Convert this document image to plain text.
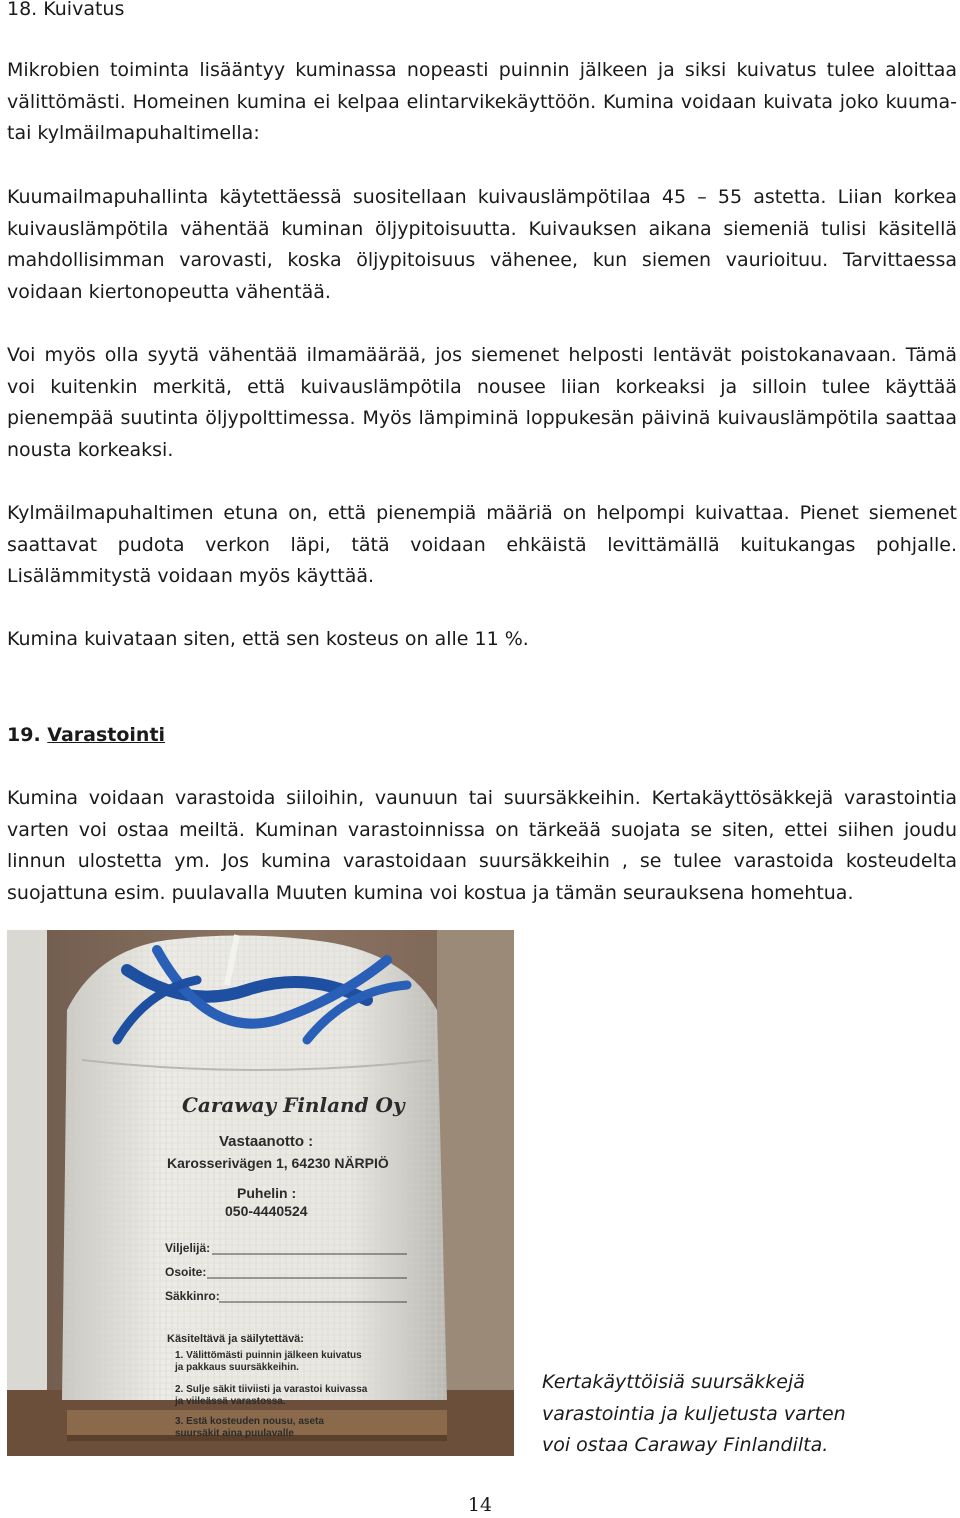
18. Kuivatus

Mikrobien toiminta lisääntyy kuminassa nopeasti puinnin jälkeen ja siksi kuivatus tulee aloittaa välittömästi. Homeinen kumina ei kelpaa elintarvikekäyttöön. Kumina voidaan kuivata joko kuuma- tai kylmäilmapuhaltimella:

Kuumailmapuhallinta käytettäessä suositellaan kuivauslämpötilaa 45 – 55 astetta. Liian korkea kuivauslämpötila vähentää kuminan öljypitoisuutta. Kuivauksen aikana siemeniä tulisi käsitellä mahdollisimman varovasti, koska öljypitoisuus vähenee, kun siemen vaurioituu. Tarvittaessa voidaan kiertonopeutta vähentää.

Voi myös olla syytä vähentää ilmamäärää, jos siemenet helposti lentävät poistokanavaan. Tämä voi kuitenkin merkitä, että kuivauslämpötila nousee liian korkeaksi ja silloin tulee käyttää pienempää suutinta öljypolttimessa. Myös lämpiminä loppukesän päivinä kuivauslämpötila saattaa nousta korkeaksi.

Kylmäilmapuhaltimen etuna on, että pienempiä määriä on helpompi kuivattaa. Pienet siemenet saattavat pudota verkon läpi, tätä voidaan ehkäistä levittämällä kuitukangas pohjalle. Lisälämmitystä voidaan myös käyttää.

Kumina kuivataan siten, että sen kosteus on alle 11 %.

19. Varastointi

Kumina voidaan varastoida siiloihin, vaunuun tai suursäkkeihin. Kertakäyttösäkkejä varastointia varten voi ostaa meiltä. Kuminan varastoinnissa on tärkeää suojata se siten, ettei siihen joudu linnun ulostetta ym. Jos kumina varastoidaan suursäkkeihin , se tulee varastoida kosteudelta suojattuna esim. puulavalla Muuten kumina voi kostua ja tämän seurauksena homehtua.

Caraway Finland Oy
Vastaanotto :
Karosserivägen 1, 64230 NÄRPIÖ
Puhelin :
050-4440524
Viljelijä:
Osoite:
Säkkinro:
Käsiteltävä ja säilytettävä:
1. Välittömästi puinnin jälkeen kuivatus
ja pakkaus suursäkkeihin.
2. Sulje säkit tiiviisti ja varastoi kuivassa
ja viileässä varastossa.
3. Estä kosteuden nousu, aseta
suursäkit aina puulavalle
Kertakäyttöisiä suursäkkejä
varastointia ja kuljetusta varten
voi ostaa Caraway Finlandilta.
14
